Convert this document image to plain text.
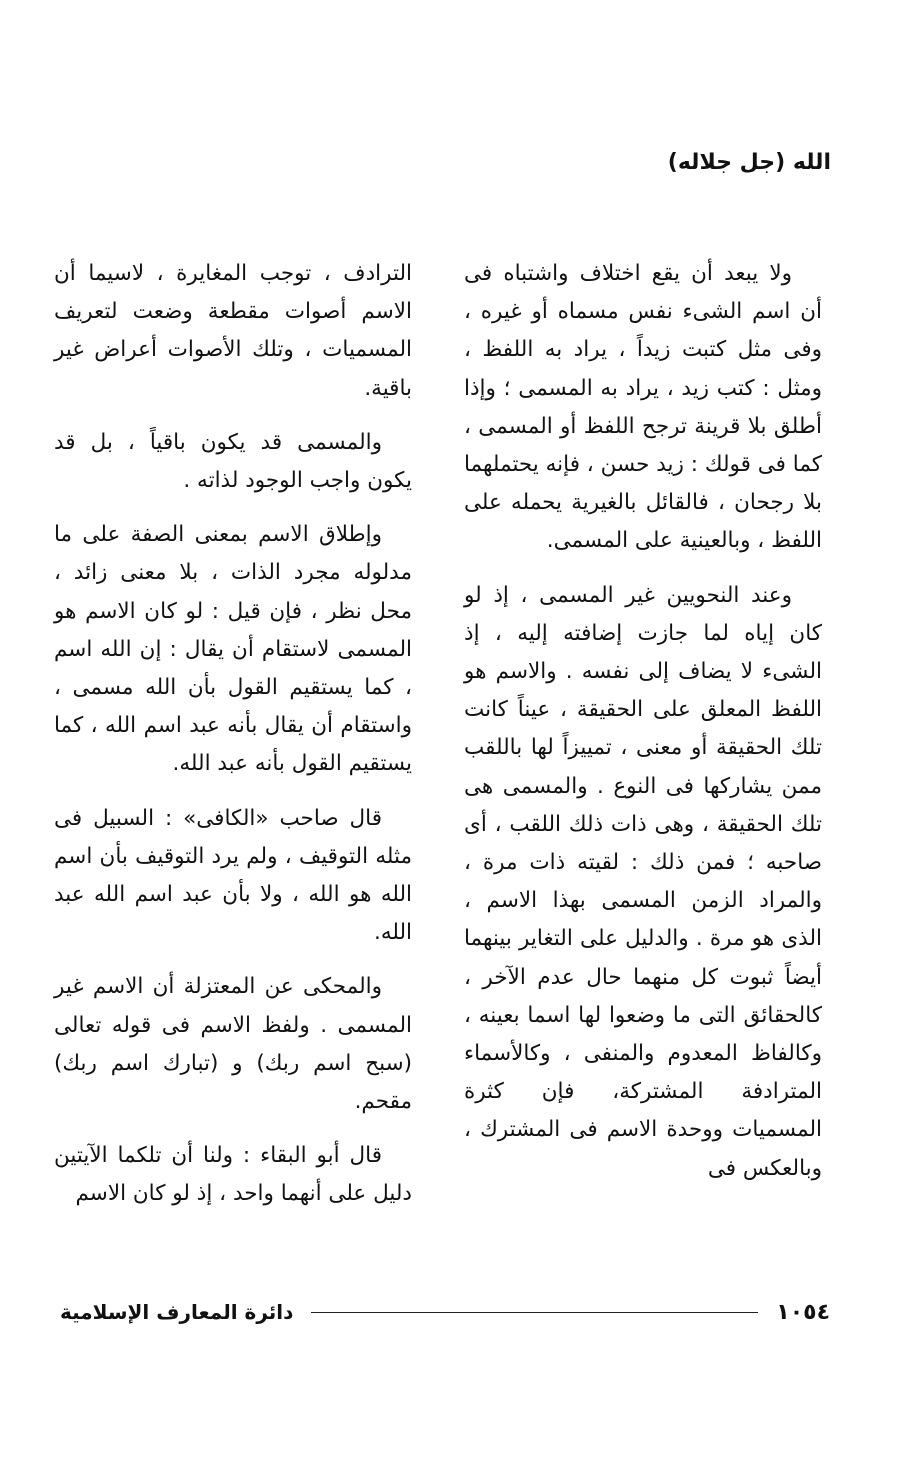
الله (جل جلاله)

ولا يبعد أن يقع اختلاف واشتباه فى أن اسم الشىء نفس مسماه أو غيره ، وفى مثل كتبت زيداً ، يراد به اللفظ ، ومثل : كتب زيد ، يراد به المسمى ؛ وإذا أطلق بلا قرينة ترجح اللفظ أو المسمى ، كما فى قولك : زيد حسن ، فإنه يحتملهما بلا رجحان ، فالقائل بالغيرية يحمله على اللفظ ، وبالعينية على المسمى.

وعند النحويين غير المسمى ، إذ لو كان إياه لما جازت إضافته إليه ، إذ الشىء لا يضاف إلى نفسه . والاسم هو اللفظ المعلق على الحقيقة ، عيناً كانت تلك الحقيقة أو معنى ، تمييزاً لها باللقب ممن يشاركها فى النوع . والمسمى هى تلك الحقيقة ، وهى ذات ذلك اللقب ، أى صاحبه ؛ فمن ذلك : لقيته ذات مرة ، والمراد الزمن المسمى بهذا الاسم ، الذى هو مرة . والدليل على التغاير بينهما أيضاً ثبوت كل منهما حال عدم الآخر ، كالحقائق التى ما وضعوا لها اسما بعينه ، وكالفاظ المعدوم والمنفى ، وكالأسماء المترادفة المشتركة، فإن كثرة المسميات ووحدة الاسم فى المشترك ، وبالعكس فى

الترادف ، توجب المغايرة ، لاسيما أن الاسم أصوات مقطعة وضعت لتعريف المسميات ، وتلك الأصوات أعراض غير باقية.

والمسمى قد يكون باقياً ، بل قد يكون واجب الوجود لذاته .

وإطلاق الاسم بمعنى الصفة على ما مدلوله مجرد الذات ، بلا معنى زائد ، محل نظر ، فإن قيل : لو كان الاسم هو المسمى لاستقام أن يقال : إن الله اسم ، كما يستقيم القول بأن الله مسمى ، واستقام أن يقال بأنه عبد اسم الله ، كما يستقيم القول بأنه عبد الله.

قال صاحب «الكافى» : السبيل فى مثله التوقيف ، ولم يرد التوقيف بأن اسم الله هو الله ، ولا بأن عبد اسم الله عبد الله.

والمحكى عن المعتزلة أن الاسم غير المسمى . ولفظ الاسم فى قوله تعالى (سبح اسم ربك) و (تبارك اسم ربك) مقحم.

قال أبو البقاء : ولنا أن تلكما الآيتين دليل على أنهما واحد ، إذ لو كان الاسم

١٠٥٤
دائرة المعارف الإسلامية
